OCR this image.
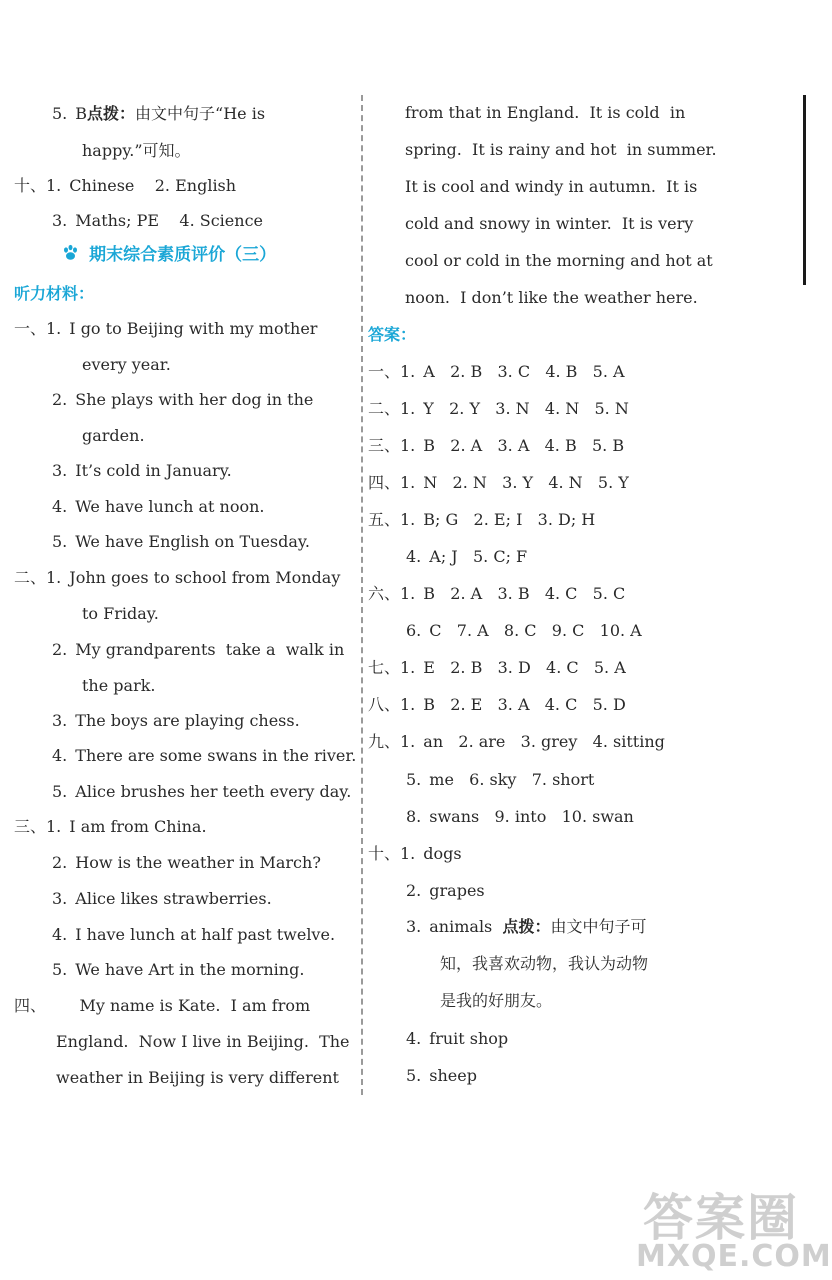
5. B点拨：由文中句子“He is
happy.”可知。
十、1. Chinese    2. English
3. Maths; PE    4. Science
听力材料：
一、1. I go to Beijing with my mother
every year.
2. She plays with her dog in the
garden.
3. It’s cold in January.
4. We have lunch at noon.
5. We have English on Tuesday.
二、1. John goes to school from Monday
to Friday.
2. My grandparents  take a  walk in
the park.
3. The boys are playing chess.
4. There are some swans in the river.
5. Alice brushes her teeth every day.
三、1. I am from China.
2. How is the weather in March?
3. Alice likes strawberries.
4. I have lunch at half past twelve.
5. We have Art in the morning.
四、     My name is Kate.  I am from
England.  Now I live in Beijing.  The
weather in Beijing is very different
from that in England.  It is cold  in
spring.  It is rainy and hot  in summer.
It is cool and windy in autumn.  It is
cold and snowy in winter.  It is very
cool or cold in the morning and hot at
noon.  I don’t like the weather here.
答案：
一、1. A   2. B   3. C   4. B   5. A
二、1. Y   2. Y   3. N   4. N   5. N
三、1. B   2. A   3. A   4. B   5. B
四、1. N   2. N   3. Y   4. N   5. Y
五、1. B; G   2. E; I   3. D; H
4. A; J   5. C; F
六、1. B   2. A   3. B   4. C   5. C
6. C   7. A   8. C   9. C   10. A
七、1. E   2. B   3. D   4. C   5. A
八、1. B   2. E   3. A   4. C   5. D
九、1. an   2. are   3. grey   4. sitting
5. me   6. sky   7. short
8. swans   9. into   10. swan
十、1. dogs
2. grapes
3. animals  点拨：由文中句子可
知，我喜欢动物，我认为动物
是我的好朋友。
4. fruit shop
5. sheep
期末综合素质评价（三）
答案圈
MXQE.COM
